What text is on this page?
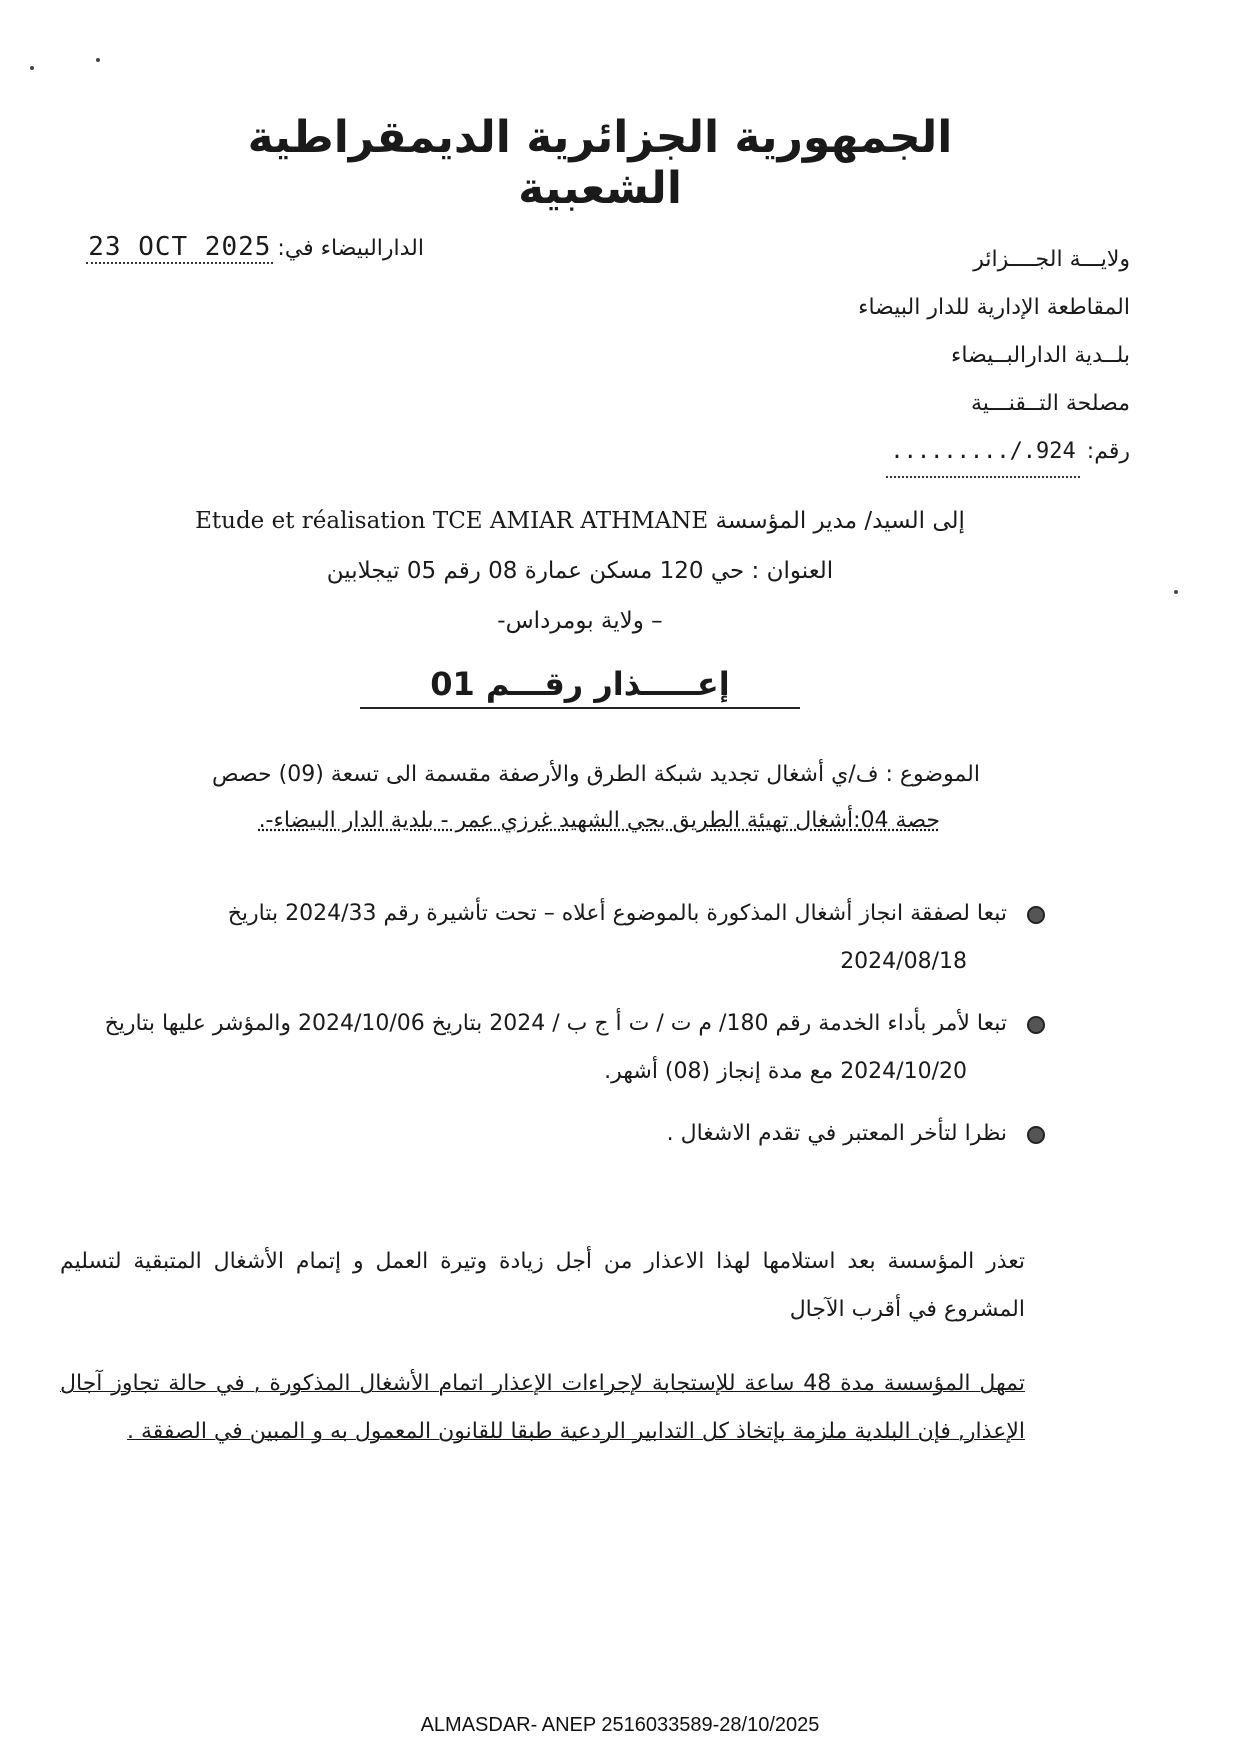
الجمهورية الجزائرية الديمقراطية الشعبية
الدارالبيضاء في:
23 OCT 2025	ولايـــة الجــــزائر
المقاطعة الإدارية للدار البيضاء
بلــدية الدارالبــيضاء
مصلحة التــقنـــية
رقم: ........./.924
إلى السيد/ مدير المؤسسة Etude et réalisation TCE AMIAR ATHMANE
العنوان : حي 120 مسكن عمارة 08 رقم 05 تيجلابين
– ولاية بومرداس-
إعـــــذار رقـــم 01
الموضوع : ف/ي أشغال تجديد شبكة الطرق والأرصفة مقسمة الى تسعة (09) حصص
حصة 04:أشغال تهيئة الطريق بحي الشهيد غرزي عمر - بلدية الدار البيضاء-.
تبعا لصفقة انجاز أشغال المذكورة بالموضوع أعلاه – تحت تأشيرة رقم 2024/33 بتاريخ
2024/08/18
تبعا لأمر بأداء الخدمة رقم 180/ م ت / ت أ ج ب / 2024 بتاريخ 2024/10/06 والمؤشر عليها بتاريخ
2024/10/20 مع مدة إنجاز (08) أشهر.
نظرا لتأخر المعتبر في تقدم الاشغال .
تعذر المؤسسة بعد استلامها لهذا الاعذار من أجل زيادة وتيرة العمل و إتمام الأشغال المتبقية لتسليم المشروع في أقرب الآجال
تمهل المؤسسة مدة 48 ساعة للإستجابة لإجراءات الإعذار اتمام الأشغال المذكورة , في حالة تجاوز آجال الإعذار, فإن البلدية ملزمة بإتخاذ كل التدابير الردعية طبقا للقانون المعمول به و المبين في الصفقة .
ALMASDAR- ANEP 2516033589-28/10/2025
